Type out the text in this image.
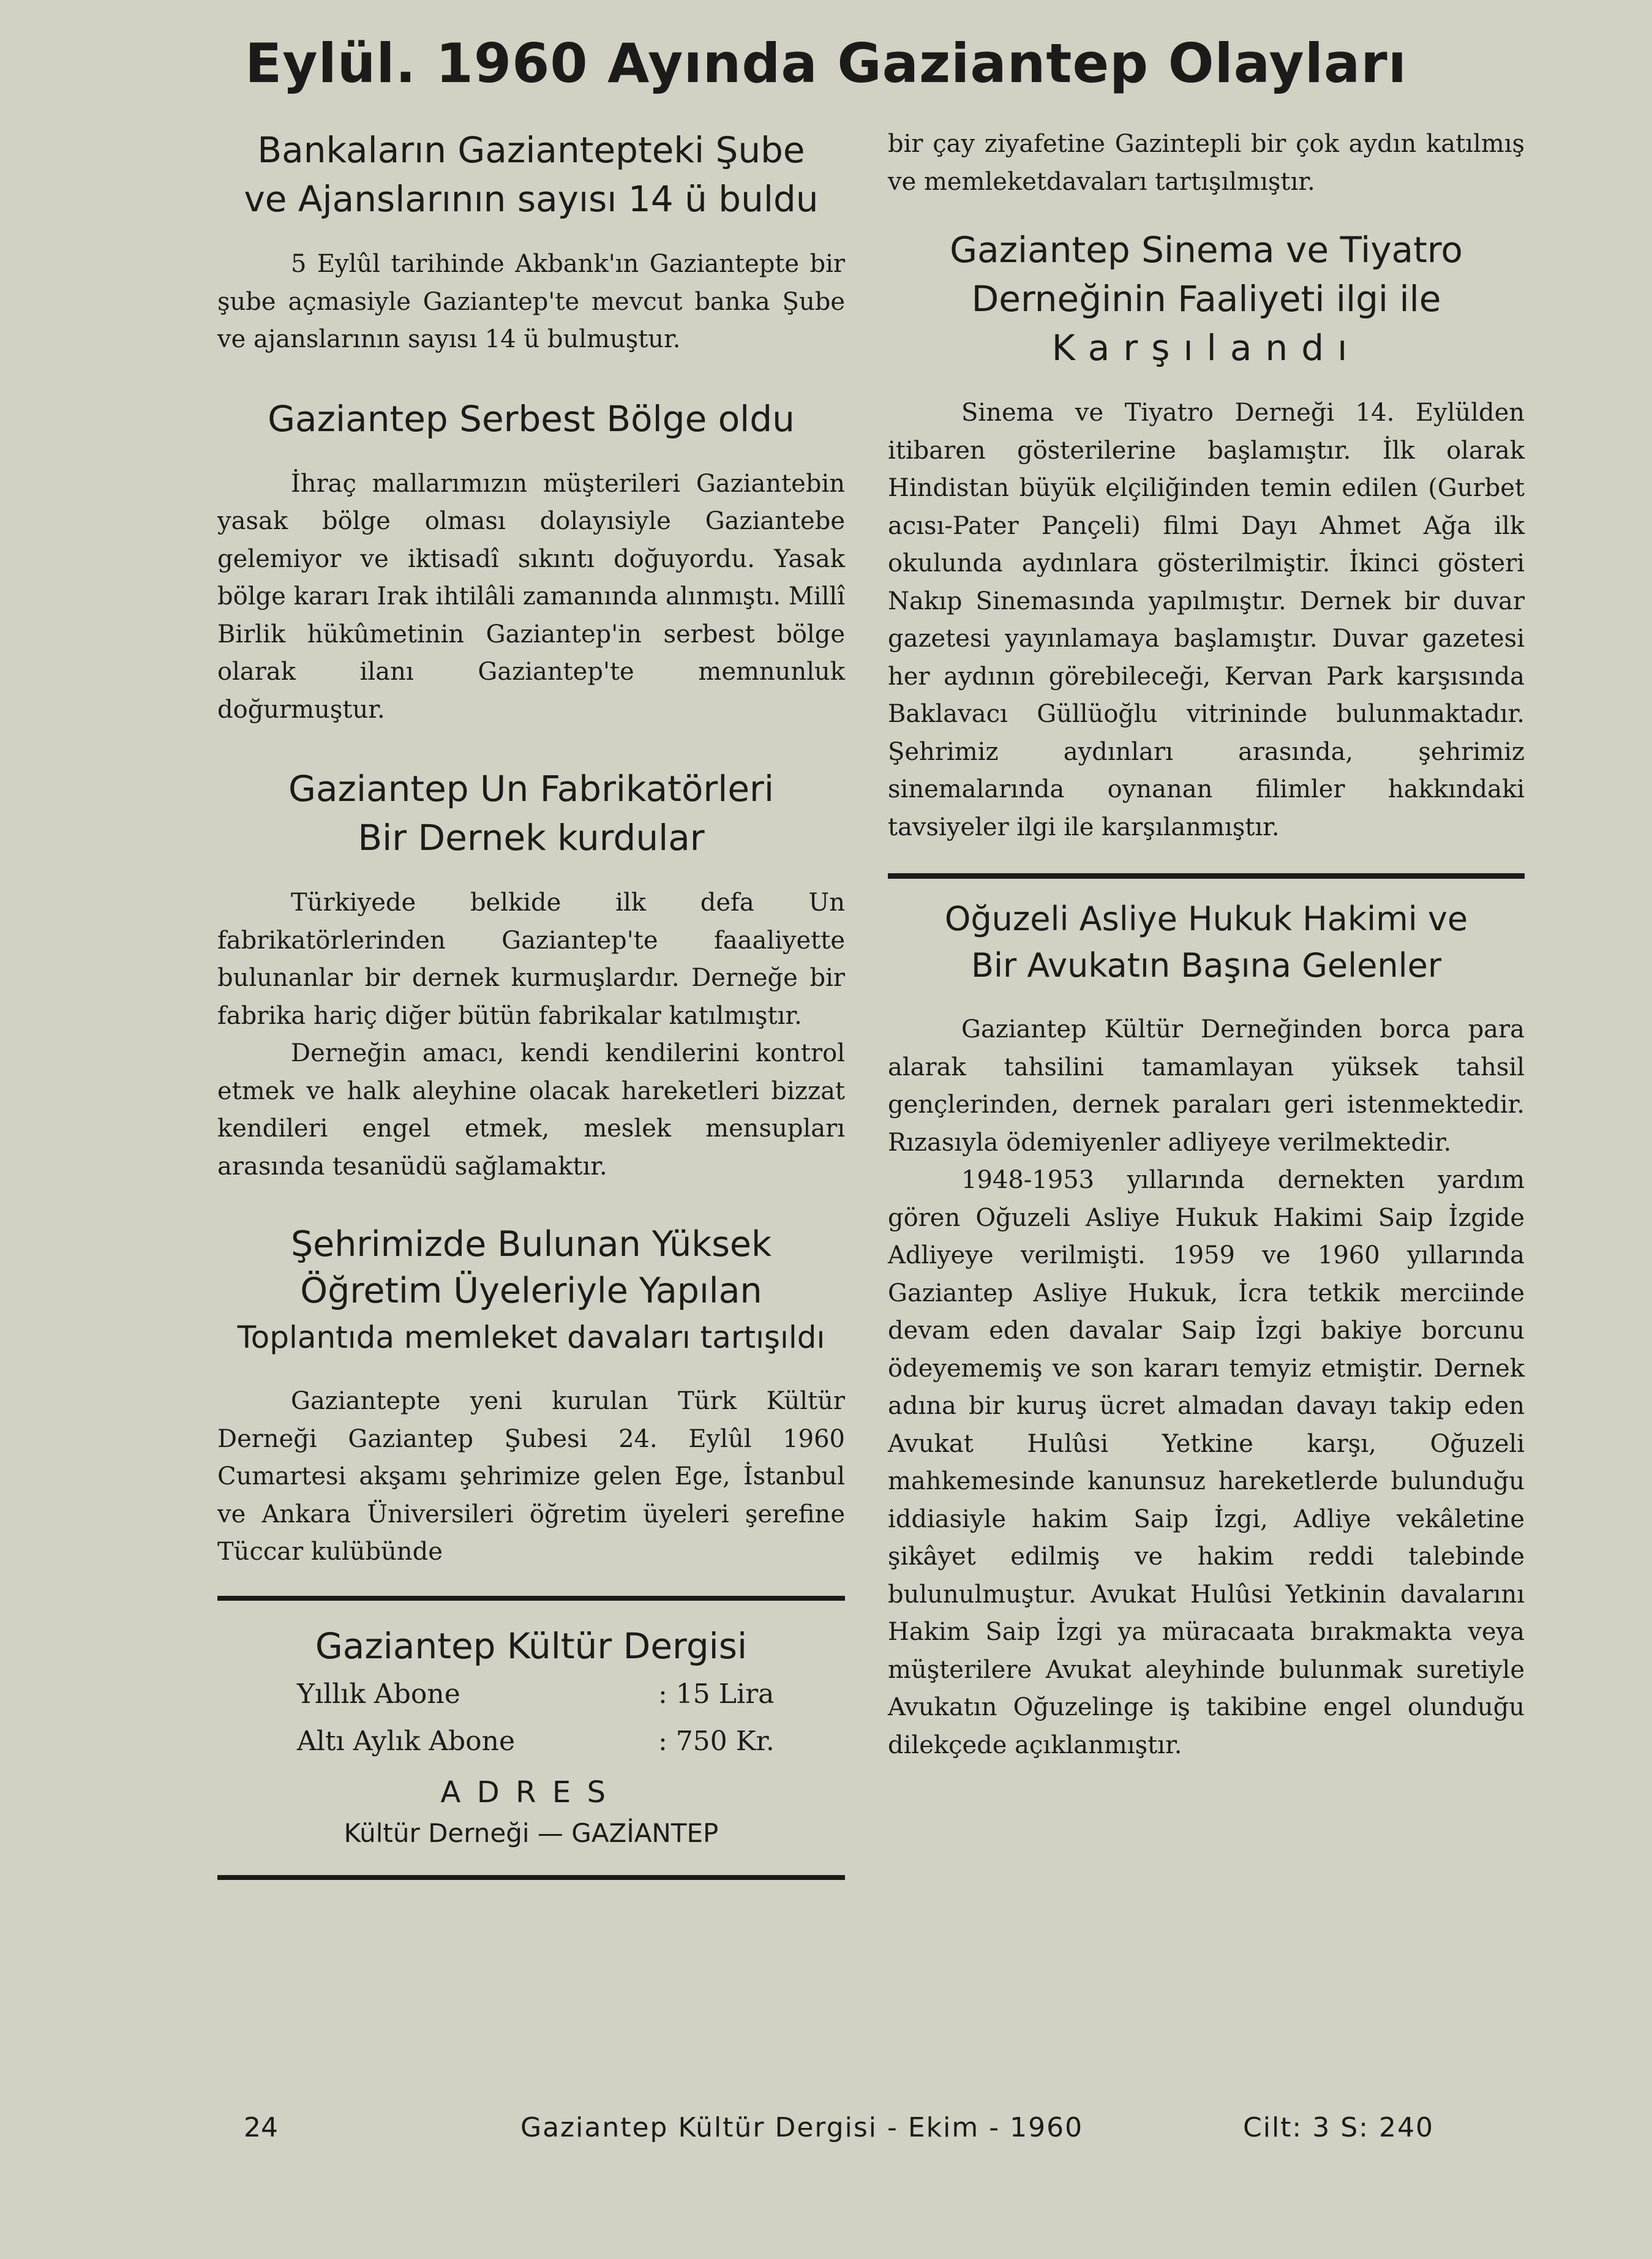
Eylül. 1960 Ayında Gaziantep Olayları
Bankaların Gazianteptеki Şube
ve Ajanslarının sayısı 14 ü buldu

5 Eylûl tarihinde Akbank'ın Gaziantepte bir şube açmasiyle Gaziantep'te mevcut banka Şube ve ajanslarının sayısı 14 ü bulmuştur.

Gaziantep Serbest Bölge oldu

İhraç mallarımızın müşterileri Gaziantebin yasak bölge olması dolayısiyle Gaziantebe gelemiyor ve iktisadî sıkıntı doğuyordu. Yasak bölge kararı Irak ihtilâli zamanında alınmıştı. Millî Birlik hükûmetinin Gaziantep'in serbest bölge olarak ilanı Gaziantep'te memnunluk doğurmuştur.

Gaziantep Un Fabrikatörleri
Bir Dernek kurdular

Türkiyede belkide ilk defa Un fabrikatörlerinden Gaziantep'te faaaliyette bulunanlar bir dernek kurmuşlardır. Derneğe bir fabrika hariç diğer bütün fabrikalar katılmıştır.

Derneğin amacı, kendi kendilerini kontrol etmek ve halk aleyhine olacak hareketleri bizzat kendileri engel etmek, meslek mensupları arasında tesanüdü sağlamaktır.

Şehrimizde Bulunan Yüksek
Öğretim Üyeleriyle Yapılan
Toplantıda memleket davaları tartışıldı

Gaziantepte yeni kurulan Türk Kültür Derneği Gaziantep Şubesi 24. Eylûl 1960 Cumartesi akşamı şehrimize gelen Ege, İstanbul ve Ankara Üniversileri öğretim üyeleri şerefine Tüccar kulübünde

Gaziantep Kültür Dergisi
Yıllık Abone	: 15 Lira
Altı Aylık Abone	: 750 Kr.
ADRES
Kültür Derneği — GAZİANTEP

bir çay ziyafetine Gazintepli bir çok aydın katılmış ve memleketdavaları tartışılmıştır.

Gaziantep Sinema ve Tiyatro
Derneğinin Faaliyeti ilgi ile
Karşılandı

Sinema ve Tiyatro Derneği 14. Eylülden itibaren gösterilerine başlamıştır. İlk olarak Hindistan büyük elçiliğinden temin edilen (Gurbet acısı-Pater Pançeli) filmi Dayı Ahmet Ağa ilk okulunda aydınlara gösterilmiştir. İkinci gösteri Nakıp Sinemasında yapılmıştır. Dernek bir duvar gazetesi yayınlamaya başlamıştır. Duvar gazetesi her aydının görebileceği, Kervan Park karşısında Baklavacı Güllüoğlu vitrininde bulunmaktadır. Şehrimiz aydınları arasında, şehrimiz sinemalarında oynanan filimler hakkındaki tavsiyeler ilgi ile karşılanmıştır.

Oğuzeli Asliye Hukuk Hakimi ve
Bir Avukatın Başına Gelenler

Gaziantep Kültür Derneğinden borca para alarak tahsilini tamamlayan yüksek tahsil gençlerinden, dernek paraları geri istenmektedir. Rızasıyla ödemiyenler adliyeye verilmektedir.

1948-1953 yıllarında dernekten yardım gören Oğuzeli Asliye Hukuk Hakimi Saip İzgide Adliyeye verilmişti. 1959 ve 1960 yıllarında Gaziantep Asliye Hukuk, İcra tetkik merciinde devam eden davalar Saip İzgi bakiye borcunu ödeyememiş ve son kararı temyiz etmiştir. Dernek adına bir kuruş ücret almadan davayı takip eden Avukat Hulûsi Yetkine karşı, Oğuzeli mahkemesinde kanunsuz hareketlerde bulunduğu iddiasiyle hakim Saip İzgi, Adliye vekâletine şikâyet edilmiş ve hakim reddi talebinde bulunulmuştur. Avukat Hulûsi Yetkinin davalarını Hakim Saip İzgi ya müracaata bırakmakta veya müşterilere Avukat aleyhinde bulunmak suretiyle Avukatın Oğuzelinge iş takibine engel olunduğu dilekçede açıklanmıştır.

24	Gaziantep Kültür Dergisi - Ekim - 1960	Cilt: 3 S: 240
